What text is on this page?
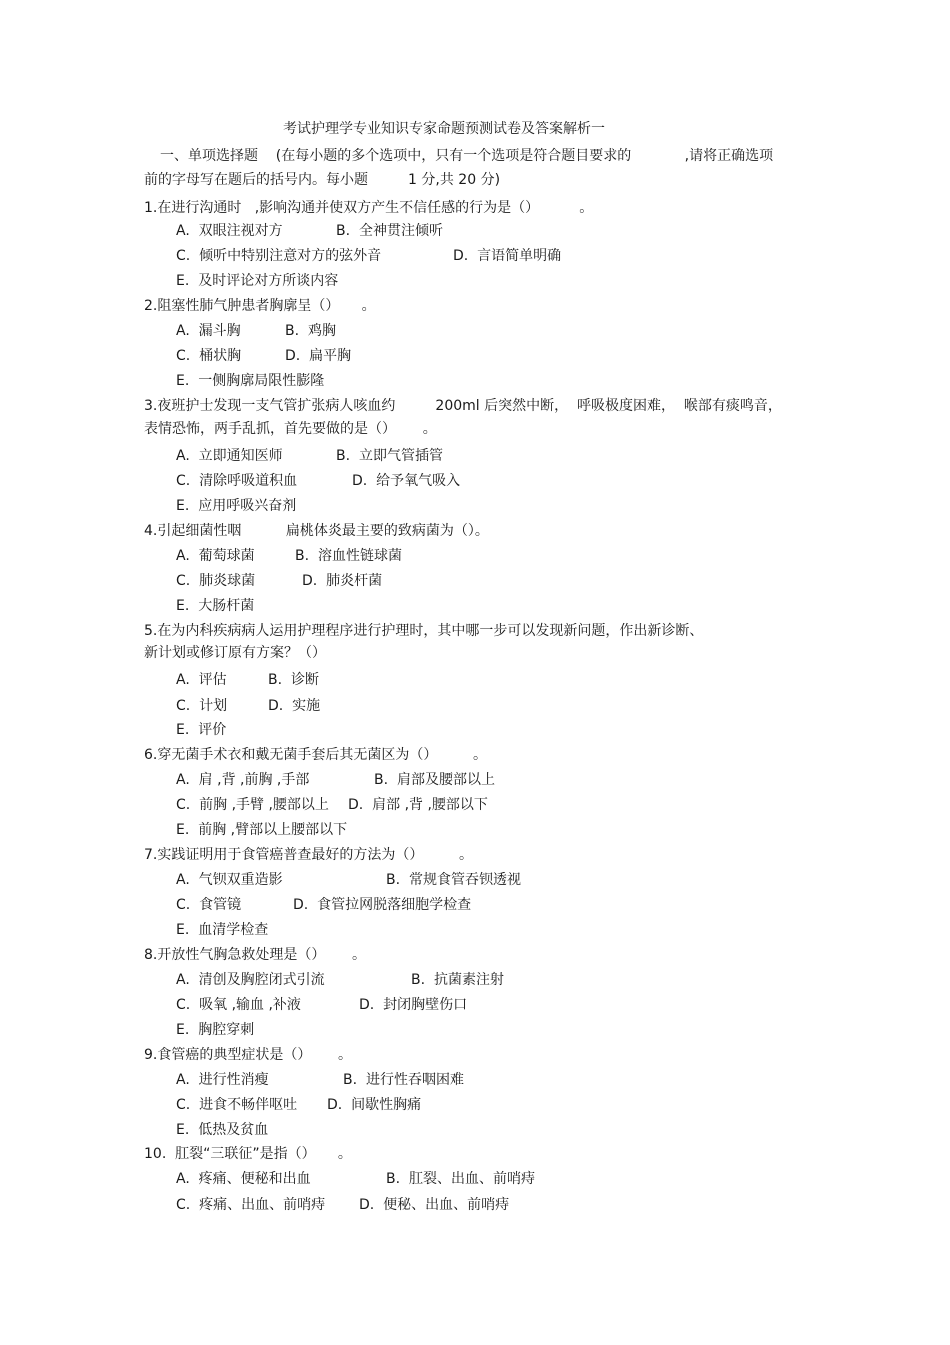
考试护理学专业知识专家命题预测试卷及答案解析一
一、单项选择题    (在每小题的多个选项中，只有一个选项是符合题目要求的            ,请将正确选项
前的字母写在题后的括号内。每小题         1 分,共 20 分)
1.在进行沟通时   ,影响沟通并使双方产生不信任感的行为是（）         。
A.  双眼注视对方	B.  全神贯注倾听
C.  倾听中特别注意对方的弦外音	D.  言语简单明确
E.  及时评论对方所谈内容
2.阻塞性肺气肿患者胸廓呈（）     。
A.  漏斗胸	B.  鸡胸
C.  桶状胸	D.  扁平胸
E.  一侧胸廓局限性膨隆
3.夜班护士发现一支气管扩张病人咳血约         200ml 后突然中断，  呼吸极度困难，  喉部有痰鸣音，
表情恐怖，两手乱抓，首先要做的是（）      。
A.  立即通知医师	B.  立即气管插管
C.  清除呼吸道积血	D.  给予氧气吸入
E.  应用呼吸兴奋剂
4.引起细菌性咽          扁桃体炎最主要的致病菌为（）。
A.  葡萄球菌	B.  溶血性链球菌
C.  肺炎球菌	D.  肺炎杆菌
E.  大肠杆菌
5.在为内科疾病病人运用护理程序进行护理时，其中哪一步可以发现新问题，作出新诊断、
新计划或修订原有方案？（）
A.  评估	B.  诊断
C.  计划	D.  实施
E.  评价
6.穿无菌手术衣和戴无菌手套后其无菌区为（）        。
A.  肩 ,背 ,前胸 ,手部	B.  肩部及腰部以上
C.  前胸 ,手臂 ,腰部以上 D.  肩部 ,背 ,腰部以下
E.  前胸 ,臂部以上腰部以下
7.实践证明用于食管癌普查最好的方法为（）        。
A.  气钡双重造影	B.  常规食管吞钡透视
C.  食管镜	D.  食管拉网脱落细胞学检查
E.  血清学检查
8.开放性气胸急救处理是（）      。
A.  清创及胸腔闭式引流	B.  抗菌素注射
C.  吸氧 ,输血 ,补液	D.  封闭胸壁伤口
E.  胸腔穿刺
9.食管癌的典型症状是（）      。
A.  进行性消瘦	B.  进行性吞咽困难
C.  进食不畅伴呕吐 D.  间歇性胸痛
E.  低热及贫血
10.  肛裂“三联征”是指（）     。
A.  疼痛、便秘和出血	B.  肛裂、出血、前哨痔
C.  疼痛、出血、前哨痔 D.  便秘、出血、前哨痔
